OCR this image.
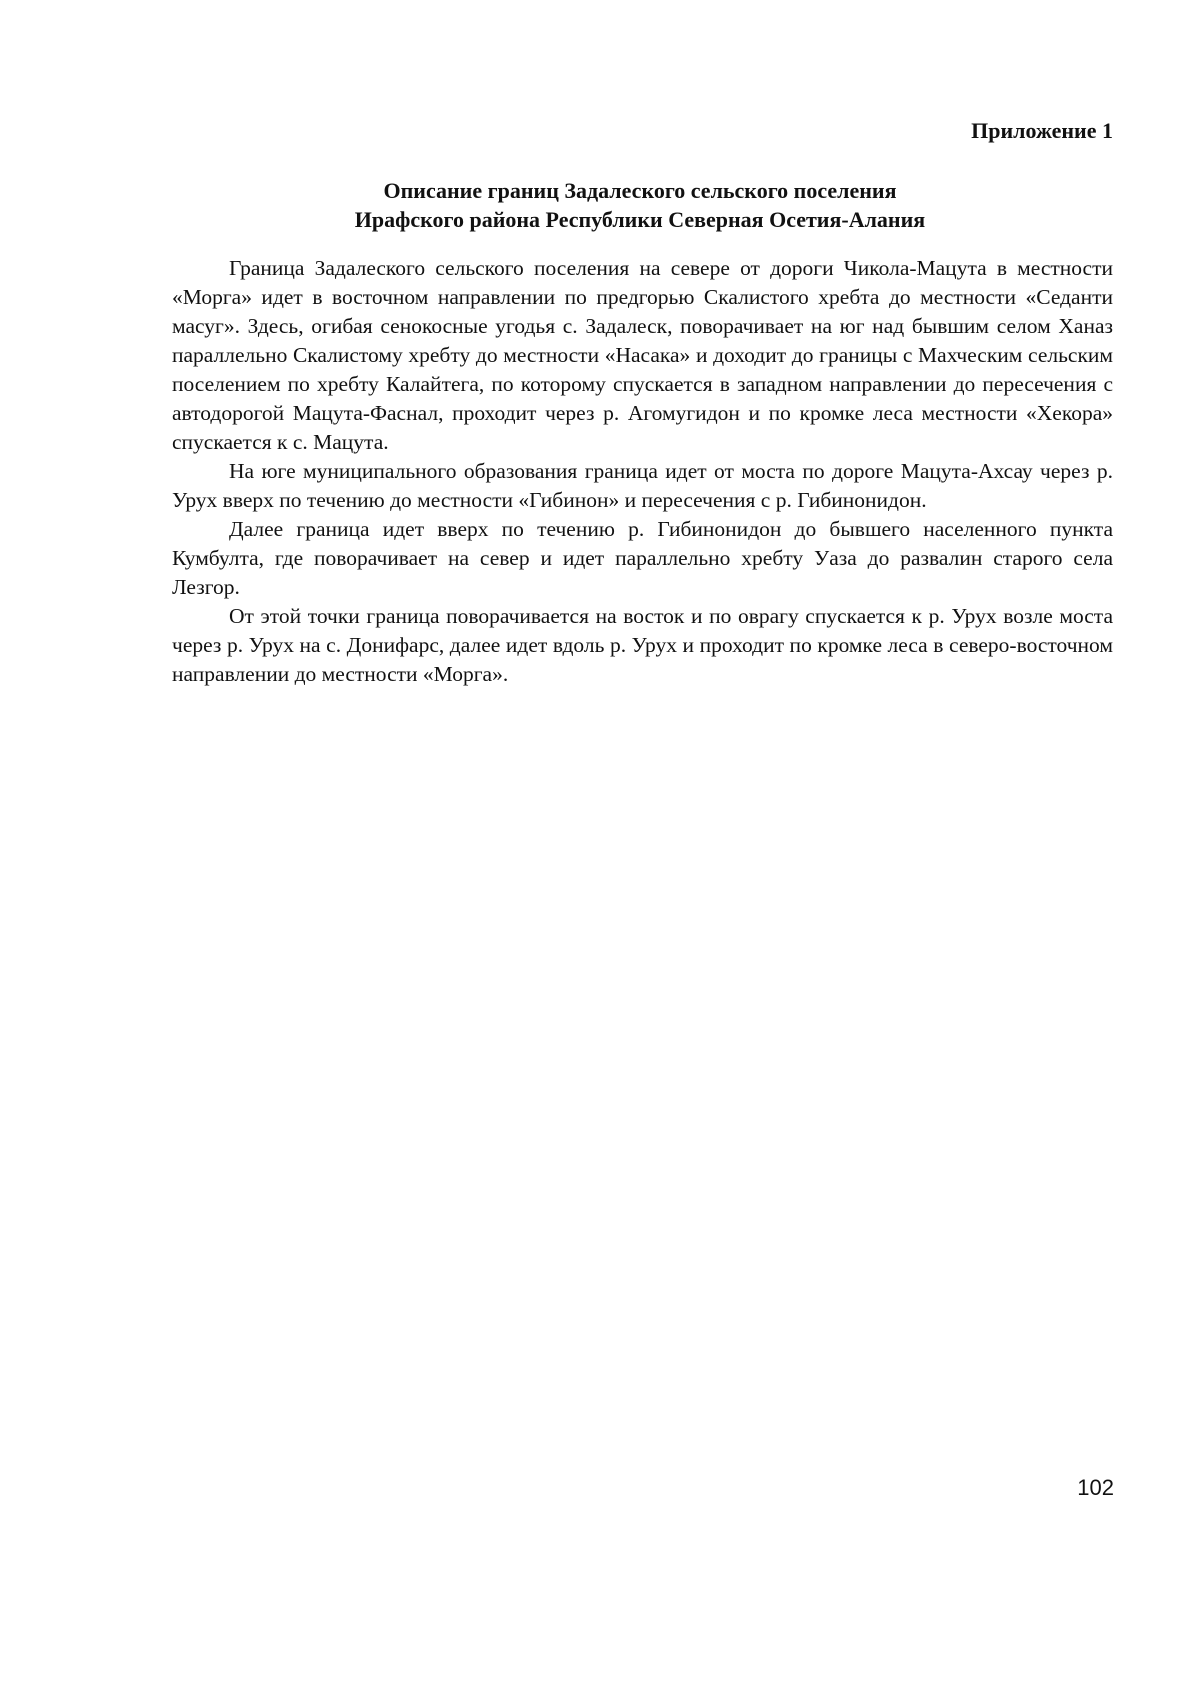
Приложение 1

Описание границ Задалеского сельского поселения
Ирафского района Республики Северная Осетия-Алания

Граница Задалеского сельского поселения на севере от дороги Чикола-Мацута в местности «Морга» идет в восточном направлении по предгорью Скалистого хребта до местности «Седанти масуг». Здесь, огибая сенокосные угодья с. Задалеск, поворачивает на юг над бывшим селом Ханаз параллельно Скалистому хребту до местности «Насака» и доходит до границы с Махческим сельским поселением по хребту Калайтега, по которому спускается в западном направлении до пересечения с автодорогой Мацута-Фаснал, проходит через р. Агомугидон и по кромке леса местности «Хекора» спускается к с. Мацута.

На юге муниципального образования граница идет от моста по дороге Мацута-Ахсау через р. Урух вверх по течению до местности «Гибинон» и пересечения с р. Гибинонидон.

Далее граница идет вверх по течению р. Гибинонидон до бывшего населенного пункта Кумбулта, где поворачивает на север и идет параллельно хребту Уаза до развалин старого села Лезгор.

От этой точки граница поворачивается на восток и по оврагу спускается к р. Урух возле моста через р. Урух на с. Донифарс, далее идет вдоль р. Урух и проходит по кромке леса в северо-восточном направлении до местности «Морга».

102
